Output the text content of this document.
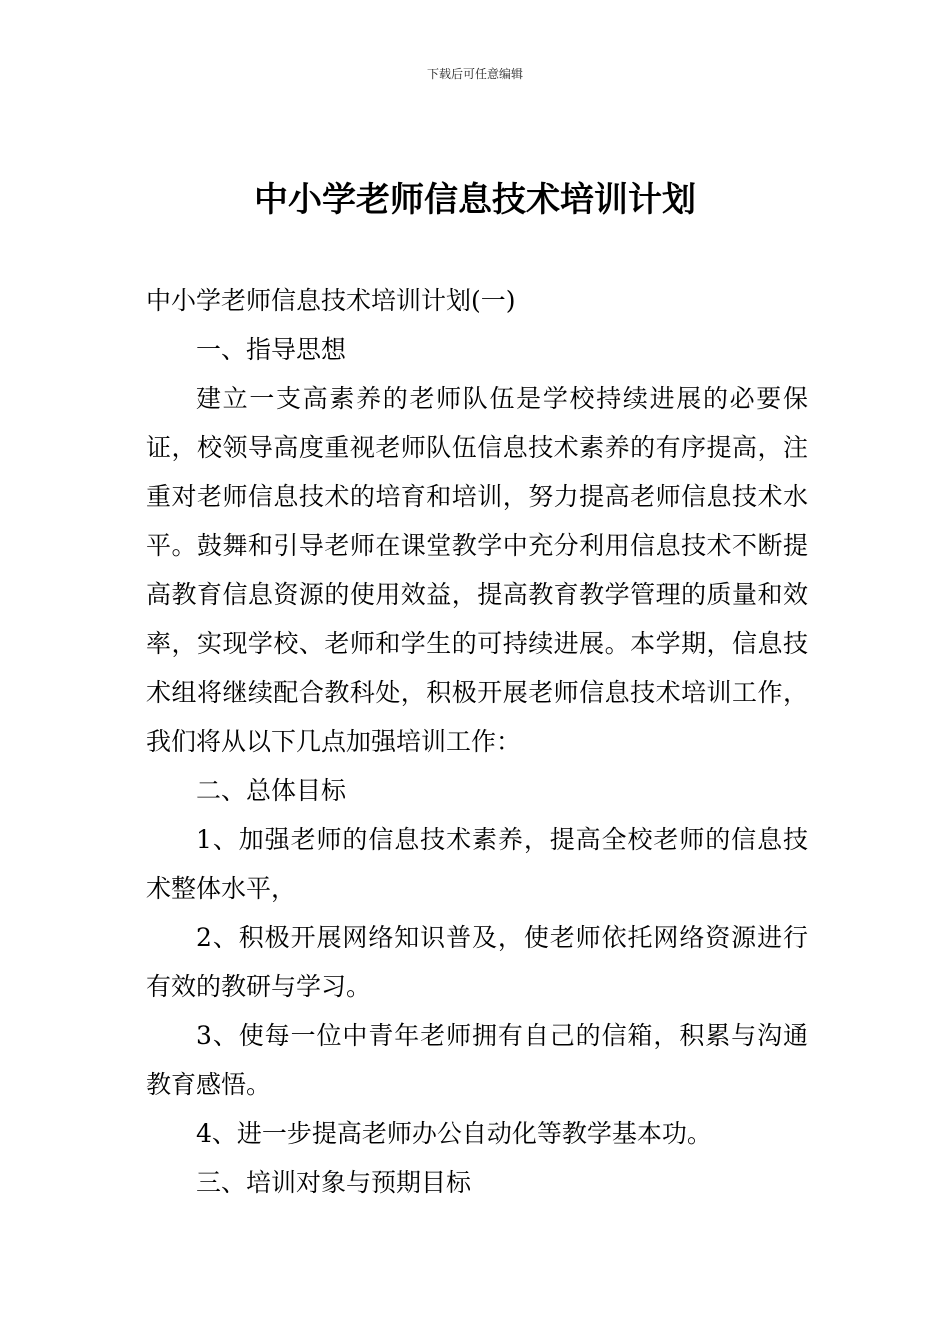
下载后可任意编辑
中小学老师信息技术培训计划

中小学老师信息技术培训计划(一)

一、指导思想

建立一支高素养的老师队伍是学校持续进展的必要保证，校领导高度重视老师队伍信息技术素养的有序提高，注重对老师信息技术的培育和培训，努力提高老师信息技术水平。鼓舞和引导老师在课堂教学中充分利用信息技术不断提高教育信息资源的使用效益，提高教育教学管理的质量和效率，实现学校、老师和学生的可持续进展。本学期，信息技术组将继续配合教科处，积极开展老师信息技术培训工作，我们将从以下几点加强培训工作：

二、总体目标

1、加强老师的信息技术素养，提高全校老师的信息技术整体水平，

2、积极开展网络知识普及，使老师依托网络资源进行有效的教研与学习。

3、使每一位中青年老师拥有自己的信箱，积累与沟通教育感悟。

4、进一步提高老师办公自动化等教学基本功。

三、培训对象与预期目标
